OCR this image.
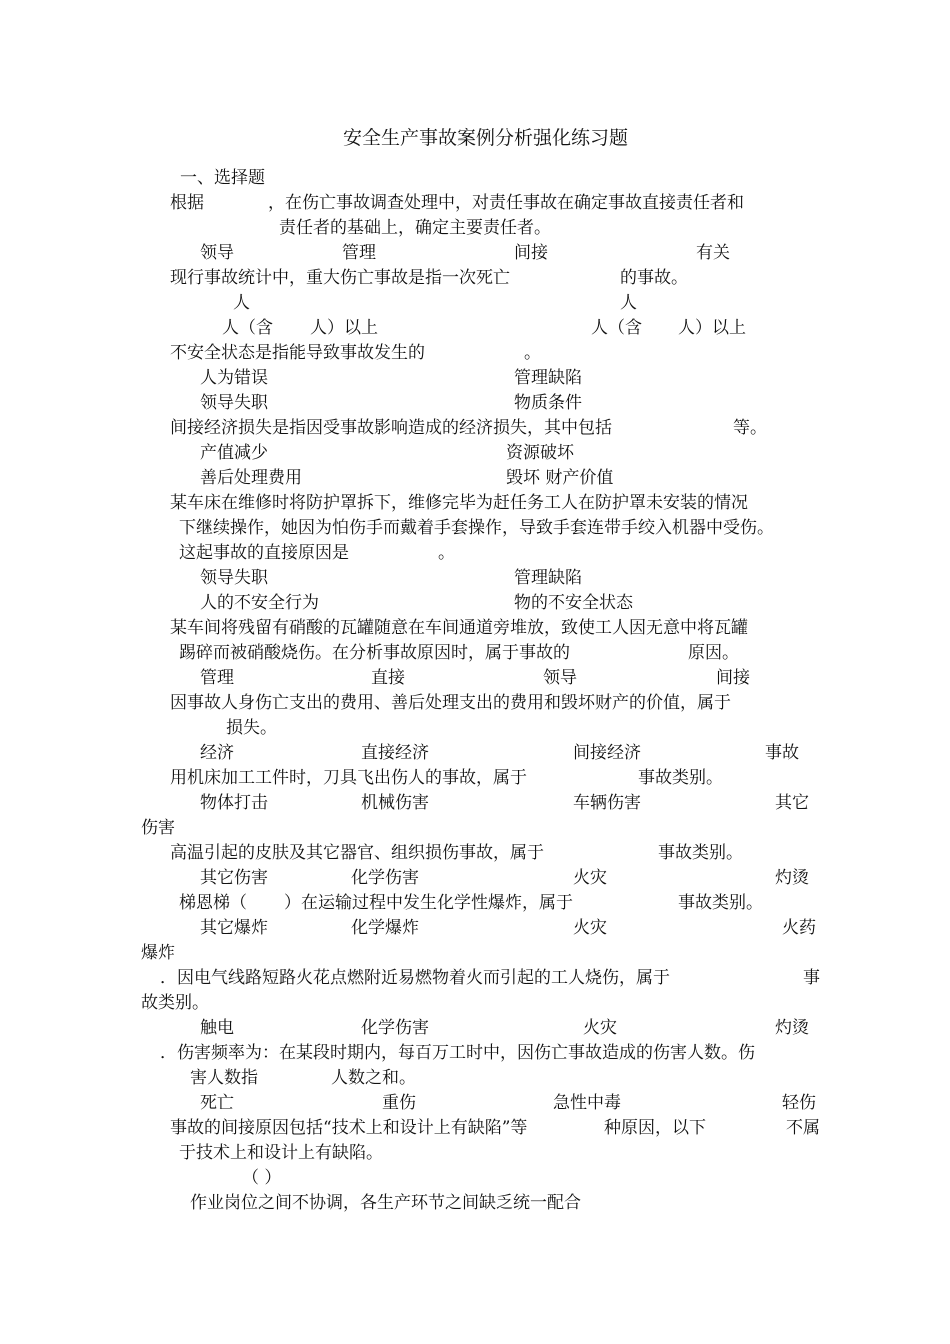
安全生产事故案例分析强化练习题
一、选择题
根据	，在伤亡事故调查处理中，对责任事故在确定事故直接责任者和
责任者的基础上，确定主要责任者。
领导	管理	间接	有关
现行事故统计中，重大伤亡事故是指一次死亡	的事故。
人	人
人（含 人）以上	人（含 人）以上
不安全状态是指能导致事故发生的	。
人为错误	管理缺陷
领导失职	物质条件
间接经济损失是指因受事故影响造成的经济损失，其中包括	等。
产值减少	资源破坏
善后处理费用	毁坏 财产价值
某车床在维修时将防护罩拆下，维修完毕为赶任务工人在防护罩未安装的情况
下继续操作，她因为怕伤手而戴着手套操作，导致手套连带手绞入机器中受伤。
这起事故的直接原因是	。
领导失职	管理缺陷
人的不安全行为	物的不安全状态
某车间将残留有硝酸的瓦罐随意在车间通道旁堆放，致使工人因无意中将瓦罐
踢碎而被硝酸烧伤。在分析事故原因时，属于事故的	原因。
管理	直接	领导	间接
因事故人身伤亡支出的费用、善后处理支出的费用和毁坏财产的价值，属于
损失。
经济	直接经济	间接经济	事故
用机床加工工件时，刀具飞出伤人的事故，属于	事故类别。
物体打击	机械伤害	车辆伤害	其它
伤害
高温引起的皮肤及其它器官、组织损伤事故，属于	事故类别。
其它伤害	化学伤害	火灾	灼烫
梯恩梯（ ）在运输过程中发生化学性爆炸，属于	事故类别。
其它爆炸	化学爆炸	火灾	火药
爆炸
．因电气线路短路火花点燃附近易燃物着火而引起的工人烧伤，属于	事
故类别。
触电	化学伤害	火灾	灼烫
．伤害频率为：在某段时期内，每百万工时中，因伤亡事故造成的伤害人数。伤
害人数指	人数之和。
死亡	重伤	急性中毒	轻伤
事故的间接原因包括“技术上和设计上有缺陷”等	种原因，以下	不属
于技术上和设计上有缺陷。
（ ）
作业岗位之间不协调，各生产环节之间缺乏统一配合
